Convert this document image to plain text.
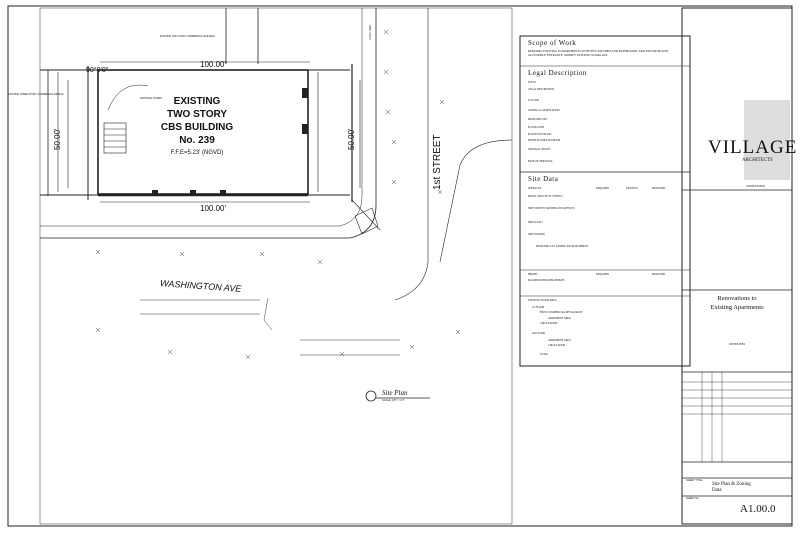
EXISTING
TWO STORY
CBS BUILDING
No. 239
F.F.E=5.23' (NGVD)
100.00'
100.00'
90°0'0"
50.00'	50.00'	1st STREET
WASHINGTON AVE
EXISTING STAIRS
EXISTING TWO STORY COMMERCIAL BUILDING
EXISTING THREE STORY COMMERCIAL EDIFICE
CONC. SWK
Site Plan
SCALE: 1/8" = 1'-0"
Scope of Work
REMODEL EXISTING 10 APARTMENTS WITH NEW KITCHEN AND BATHROOMS, ADD ELEVATOR AND ACCESSIBLE ENTRANCE, MODIFY EXISTING STAIRCASE
Legal Description
FOLIO:
LEGAL DESCRIPTION:
LOT SIZE
ZONING CLASSIFICATION:
PROPOSED USE:
FLOOD ZONE
FLOOD ELEVATION
FINISH FLOOR ELEVATION
AVERAGE CROWN
BASE OF SIDEWALK
Site Data
SETBACKS	REQUIRED	EXISTING	PROPOSED
FRONT (SOUTH 1ST STREET)
SIDE STREET (WASHINGTON AVENUE)
SIDE (EAST)
SIDE (NORTH)
PROPOSED 0.0' LANDING ENCROACHMENT
HEIGHT	REQUIRED	PROPOSED
MAXIMUM BUILDING HEIGHT
EXISTING FLOOR AREA
1st FLOOR
FIRST COMMERCIAL RESTAURANT
APARTMENT AREA
CIRCULATION
2nd FLOOR
APARTMENT AREA
CIRCULATION
TOTAL
VILLAGE
ARCHITECTS
CONSULTANTS
Renovations to
Existing Apartments
OWNER INFO
SHEET TITLE
Site Plan & Zoning
Data
SHEET No.
A1.00.0
